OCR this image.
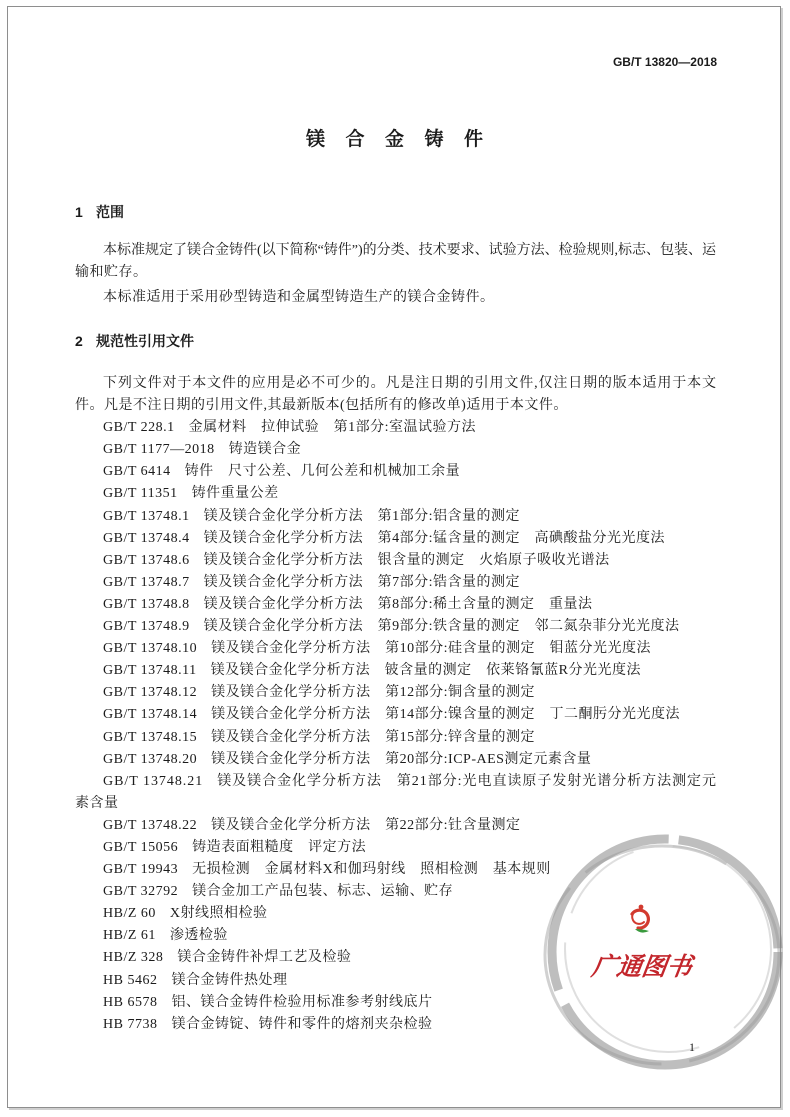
GB/T 13820—2018
镁合金铸件
1 范围
本标准规定了镁合金铸件(以下简称“铸件”)的分类、技术要求、试验方法、检验规则,标志、包装、运
输和贮存。
本标准适用于采用砂型铸造和金属型铸造生产的镁合金铸件。
2 规范性引用文件
下列文件对于本文件的应用是必不可少的。凡是注日期的引用文件,仅注日期的版本适用于本文
件。凡是不注日期的引用文件,其最新版本(包括所有的修改单)适用于本文件。
GB/T 228.1 金属材料　拉伸试验　第1部分:室温试验方法
GB/T 1177—2018 铸造镁合金
GB/T 6414 铸件　尺寸公差、几何公差和机械加工余量
GB/T 11351 铸件重量公差
GB/T 13748.1 镁及镁合金化学分析方法　第1部分:铝含量的测定
GB/T 13748.4 镁及镁合金化学分析方法　第4部分:锰含量的测定　高碘酸盐分光光度法
GB/T 13748.6 镁及镁合金化学分析方法　银含量的测定　火焰原子吸收光谱法
GB/T 13748.7 镁及镁合金化学分析方法　第7部分:锆含量的测定
GB/T 13748.8 镁及镁合金化学分析方法　第8部分:稀土含量的测定　重量法
GB/T 13748.9 镁及镁合金化学分析方法　第9部分:铁含量的测定　邻二氮杂菲分光光度法
GB/T 13748.10 镁及镁合金化学分析方法　第10部分:硅含量的测定　钼蓝分光光度法
GB/T 13748.11 镁及镁合金化学分析方法　铍含量的测定　依莱铬氰蓝R分光光度法
GB/T 13748.12 镁及镁合金化学分析方法　第12部分:铜含量的测定
GB/T 13748.14 镁及镁合金化学分析方法　第14部分:镍含量的测定　丁二酮肟分光光度法
GB/T 13748.15 镁及镁合金化学分析方法　第15部分:锌含量的测定
GB/T 13748.20 镁及镁合金化学分析方法　第20部分:ICP-AES测定元素含量
GB/T 13748.21 镁及镁合金化学分析方法　第21部分:光电直读原子发射光谱分析方法测定元
素含量
GB/T 13748.22 镁及镁合金化学分析方法　第22部分:钍含量测定
GB/T 15056 铸造表面粗糙度　评定方法
GB/T 19943 无损检测　金属材料X和伽玛射线　照相检测　基本规则
GB/T 32792 镁合金加工产品包装、标志、运输、贮存
HB/Z 60 X射线照相检验
HB/Z 61 渗透检验
HB/Z 328 镁合金铸件补焊工艺及检验
HB 5462 镁合金铸件热处理
HB 6578 铝、镁合金铸件检验用标准参考射线底片
HB 7738 镁合金铸锭、铸件和零件的熔剂夹杂检验
广通图书
1
